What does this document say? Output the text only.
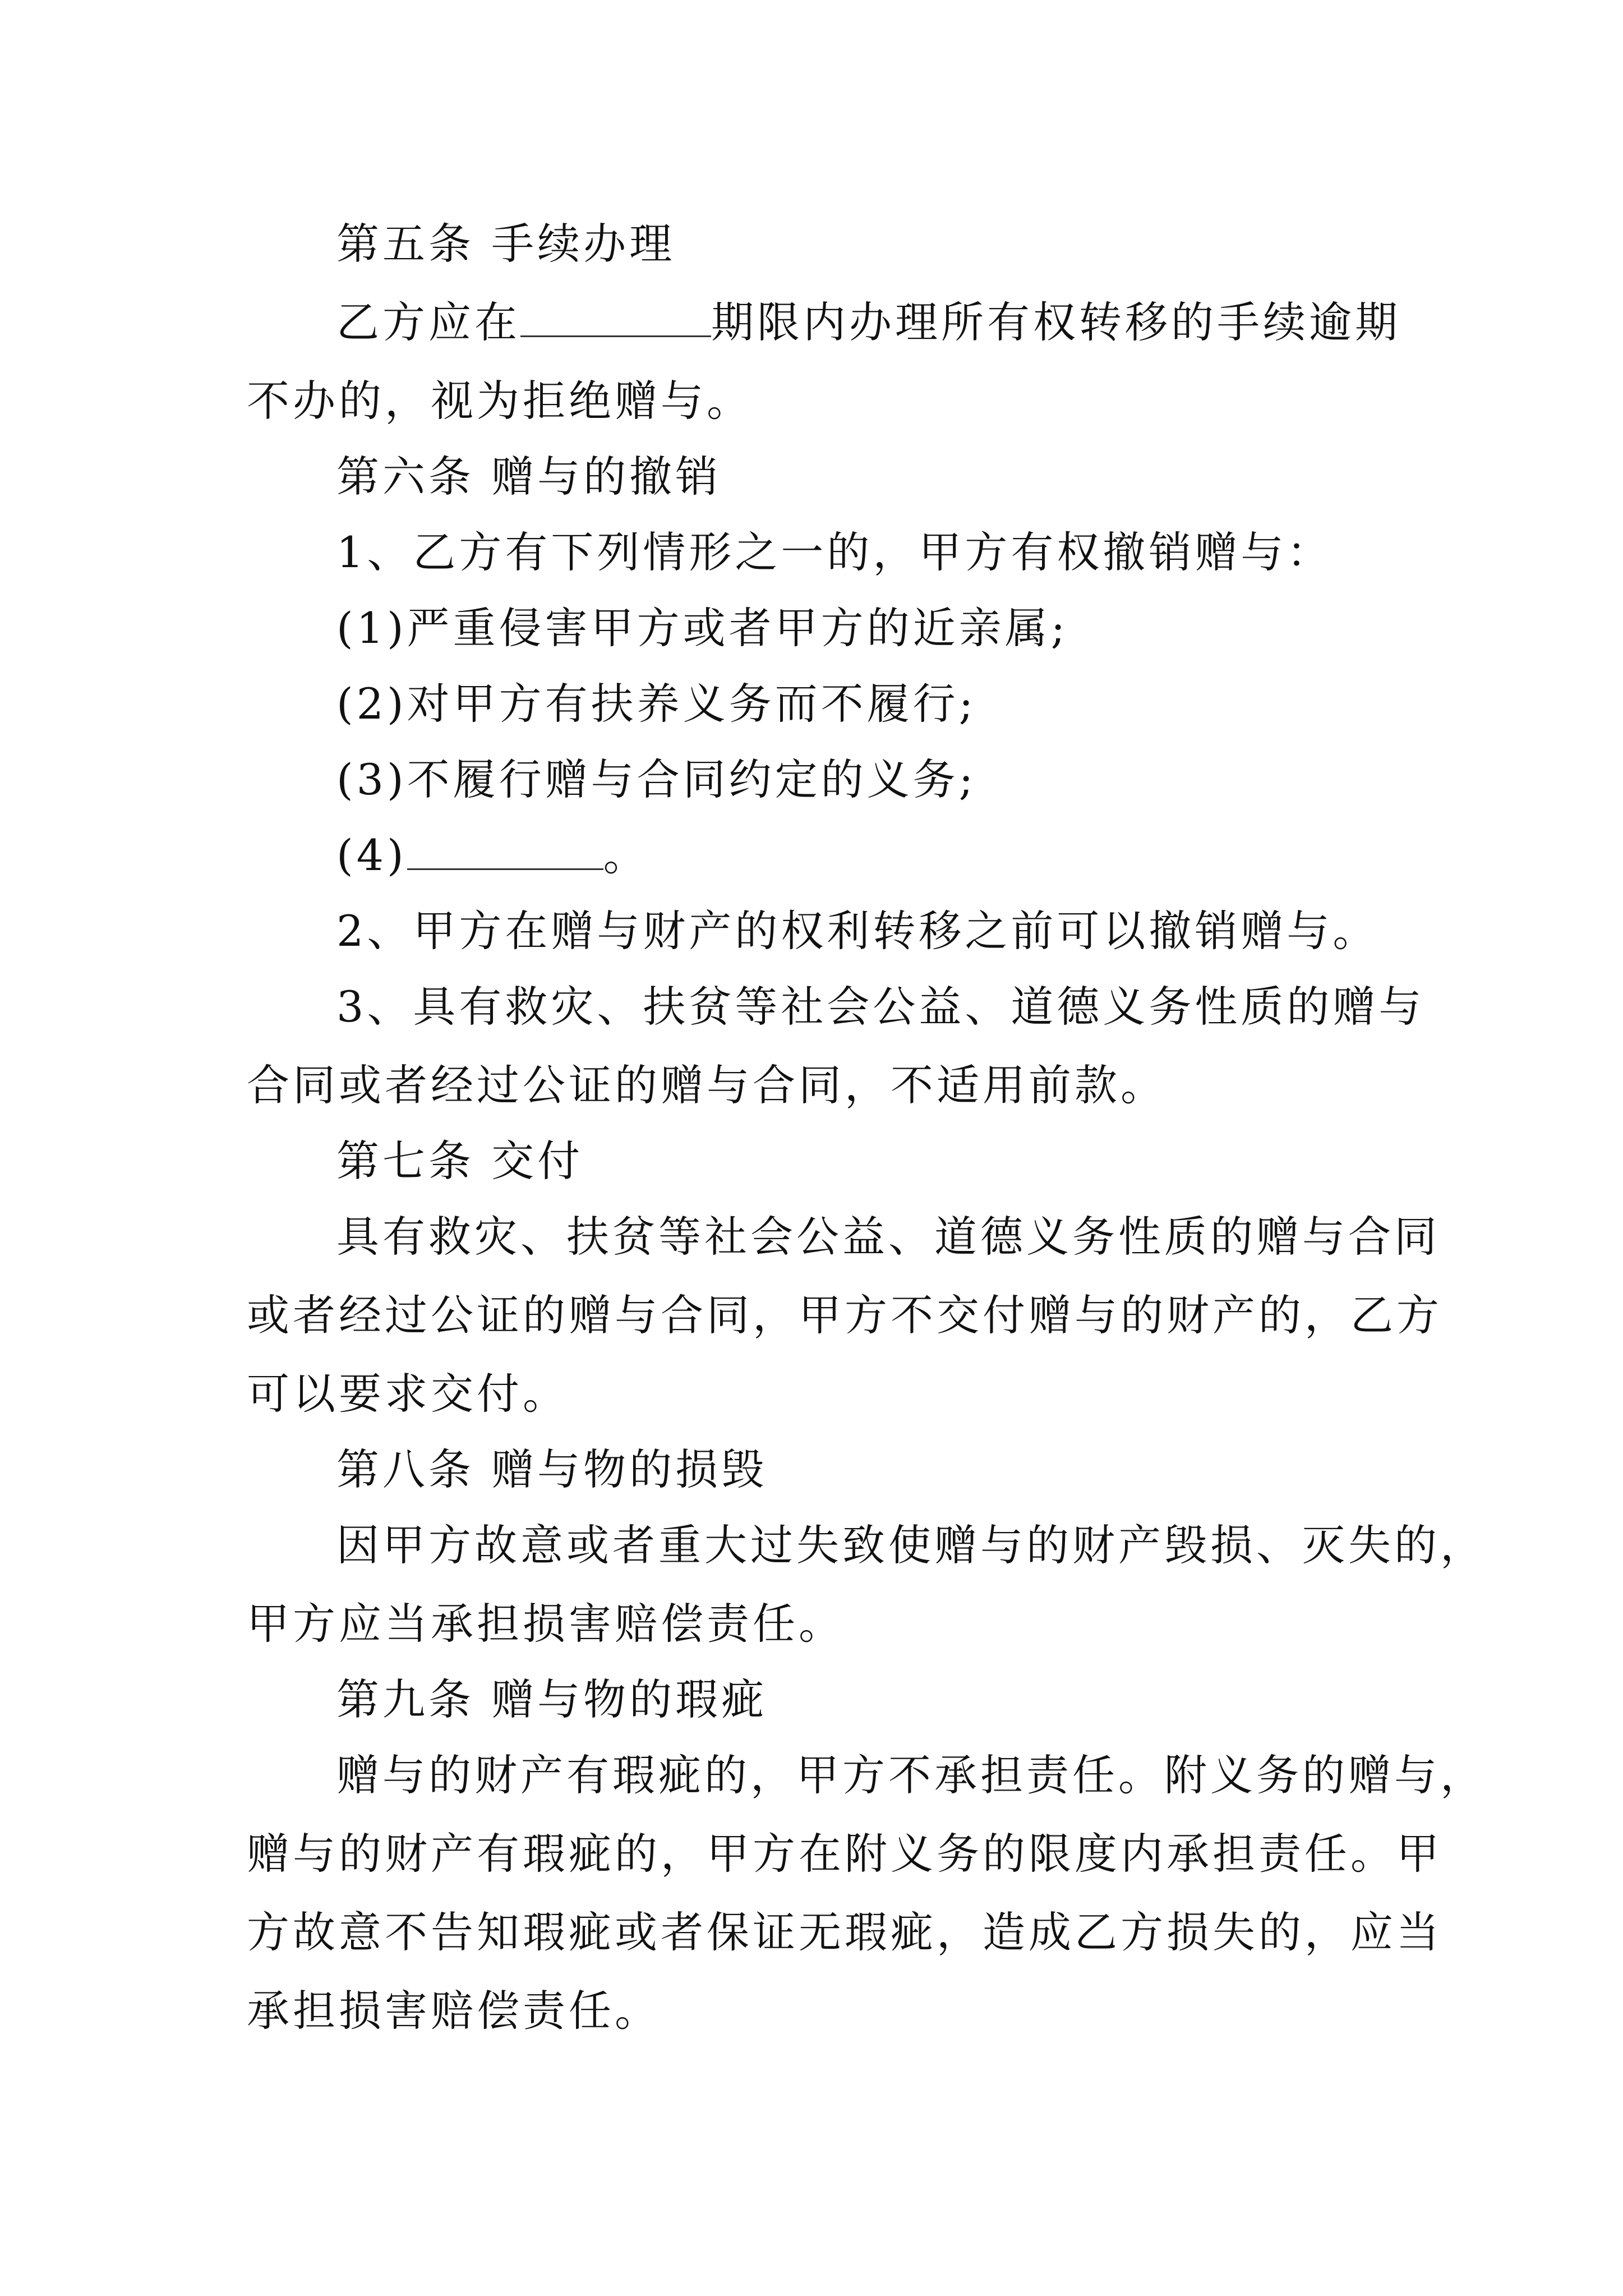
第五条 手续办理
乙方应在	期限内办理所有权转移的手续逾期
不办的，视为拒绝赠与。
第六条 赠与的撤销
1、乙方有下列情形之一的，甲方有权撤销赠与：
(1)严重侵害甲方或者甲方的近亲属;
(2)对甲方有扶养义务而不履行;
(3)不履行赠与合同约定的义务;
(4)	。
2、甲方在赠与财产的权利转移之前可以撤销赠与。
3、具有救灾、扶贫等社会公益、道德义务性质的赠与
合同或者经过公证的赠与合同，不适用前款。
第七条 交付
具有救灾、扶贫等社会公益、道德义务性质的赠与合同
或者经过公证的赠与合同，甲方不交付赠与的财产的，乙方
可以要求交付。
第八条 赠与物的损毁
因甲方故意或者重大过失致使赠与的财产毁损、灭失的，
甲方应当承担损害赔偿责任。
第九条 赠与物的瑕疵
赠与的财产有瑕疵的，甲方不承担责任。附义务的赠与，
赠与的财产有瑕疵的，甲方在附义务的限度内承担责任。甲
方故意不告知瑕疵或者保证无瑕疵，造成乙方损失的，应当
承担损害赔偿责任。
